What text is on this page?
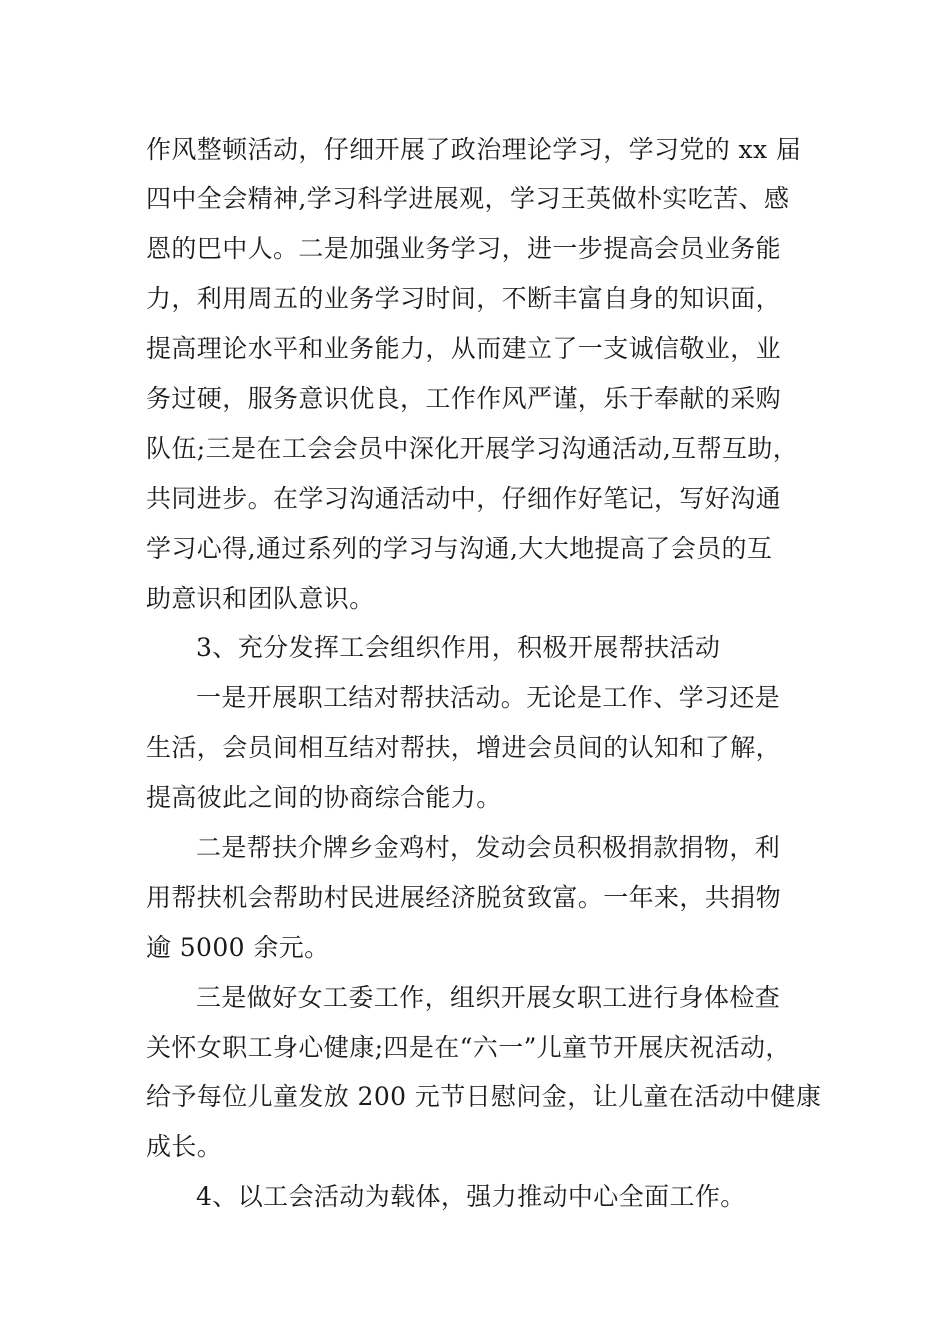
作风整顿活动，仔细开展了政治理论学习，学习党的 xx 届
四中全会精神,学习科学进展观，学习王英做朴实吃苦、感
恩的巴中人。二是加强业务学习，进一步提高会员业务能
力，利用周五的业务学习时间，不断丰富自身的知识面，
提高理论水平和业务能力，从而建立了一支诚信敬业，业
务过硬，服务意识优良，工作作风严谨，乐于奉献的采购
队伍;三是在工会会员中深化开展学习沟通活动,互帮互助，
共同进步。在学习沟通活动中，仔细作好笔记，写好沟通
学习心得,通过系列的学习与沟通,大大地提高了会员的互
助意识和团队意识。
3、充分发挥工会组织作用，积极开展帮扶活动
一是开展职工结对帮扶活动。无论是工作、学习还是
生活，会员间相互结对帮扶，增进会员间的认知和了解，
提高彼此之间的协商综合能力。
二是帮扶介牌乡金鸡村，发动会员积极捐款捐物，利
用帮扶机会帮助村民进展经济脱贫致富。一年来，共捐物
逾 5000 余元。
三是做好女工委工作，组织开展女职工进行身体检查
关怀女职工身心健康;四是在“六一”儿童节开展庆祝活动，
给予每位儿童发放 200 元节日慰问金，让儿童在活动中健康
成长。
4、以工会活动为载体，强力推动中心全面工作。
